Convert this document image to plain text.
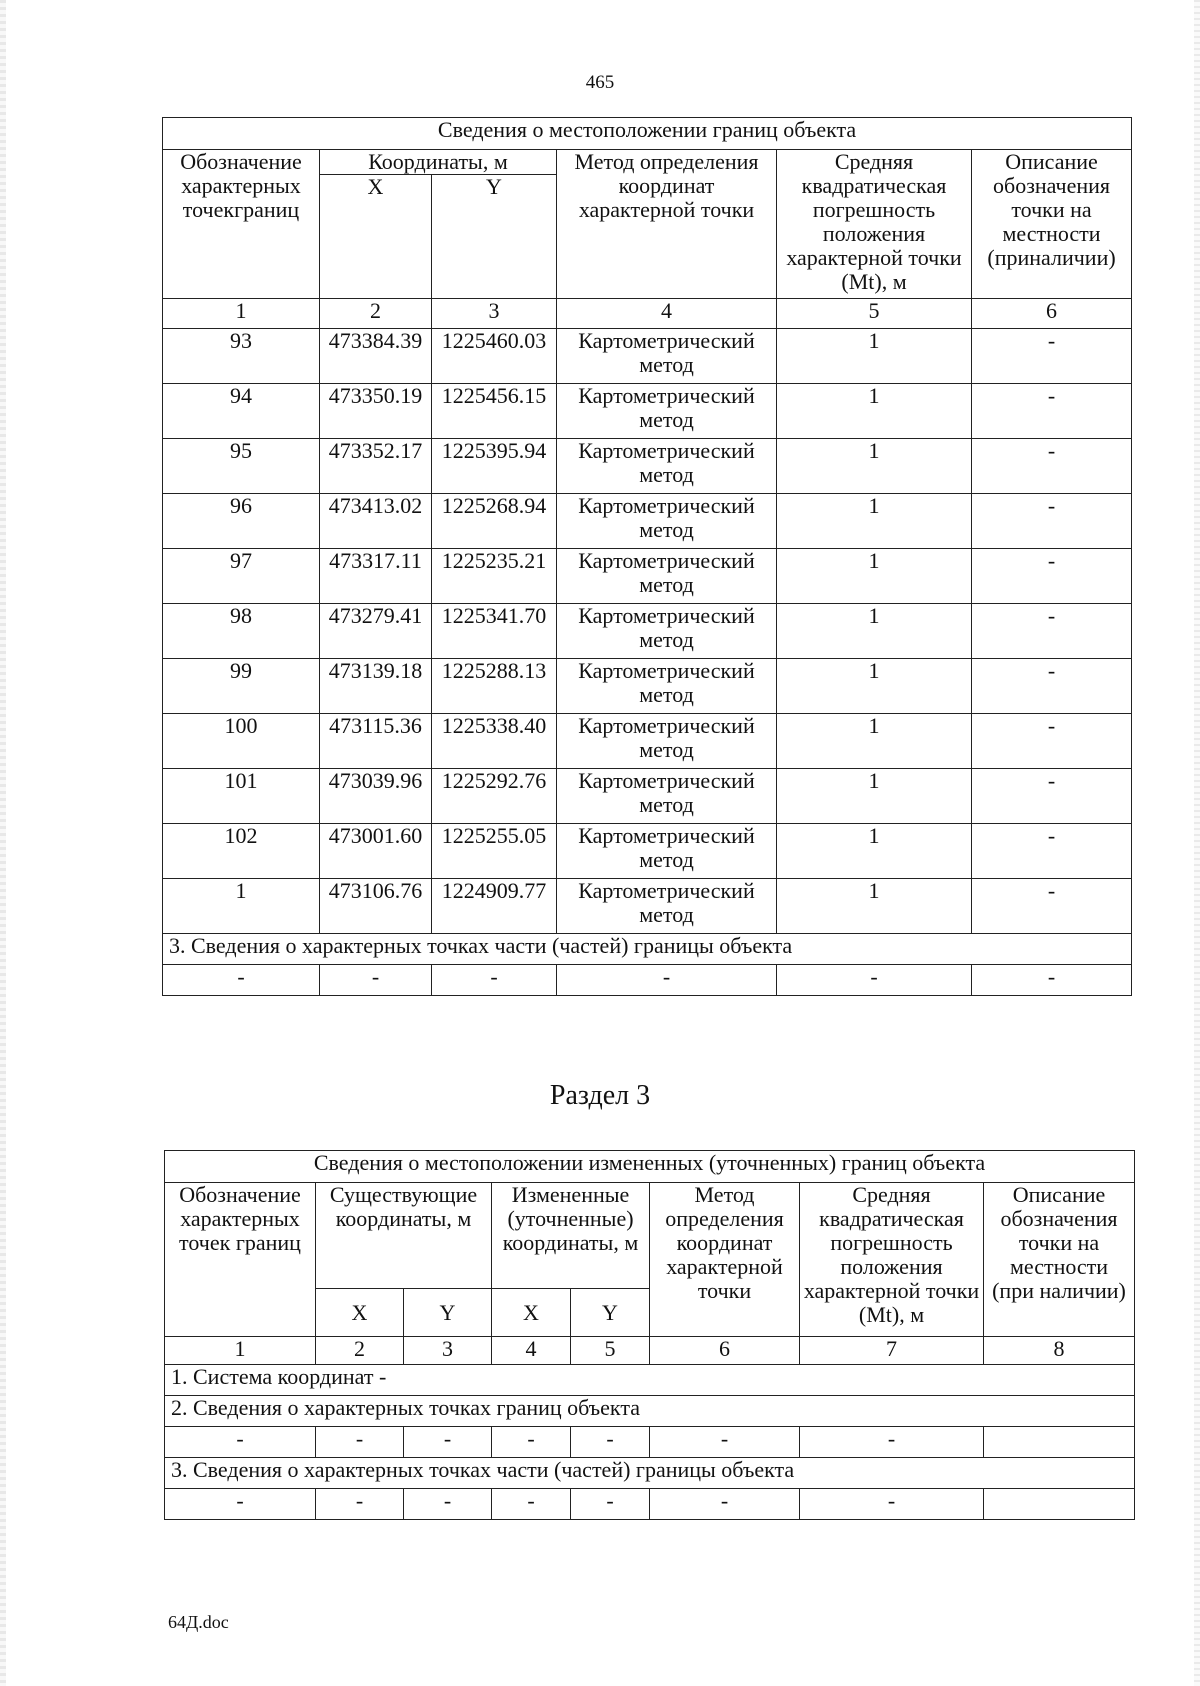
465
Сведения о местоположении границ объекта					
Обозначение характерных точекграниц	Координаты, м		Метод определения координат характерной точки	Средняя квадратическая погрешность положения характерной точки (Mt), м	Описание обозначения точки на местности (приналичии)
	X	Y			
1	2	3	4	5	6
93	473384.39	1225460.03	Картометрический метод	1	-
94	473350.19	1225456.15	Картометрический метод	1	-
95	473352.17	1225395.94	Картометрический метод	1	-
96	473413.02	1225268.94	Картометрический метод	1	-
97	473317.11	1225235.21	Картометрический метод	1	-
98	473279.41	1225341.70	Картометрический метод	1	-
99	473139.18	1225288.13	Картометрический метод	1	-
100	473115.36	1225338.40	Картометрический метод	1	-
101	473039.96	1225292.76	Картометрический метод	1	-
102	473001.60	1225255.05	Картометрический метод	1	-
1	473106.76	1224909.77	Картометрический метод	1	-
3. Сведения о характерных точках части (частей) границы объекта					
-	-	-	-	-	-
Раздел 3
Сведения о местоположении измененных (уточненных) границ объекта							
Обозначение характерных точек границ	Существующие координаты, м		Измененные (уточненные) координаты, м		Метод определения координат характерной точки	Средняя квадратическая погрешность положения характерной точки (Mt), м	Описание обозначения точки на местности (при наличии)
	X	Y	X	Y			
1	2	3	4	5	6	7	8
1. Система координат -							
2. Сведения о характерных точках границ объекта							
-	-	-	-	-	-	-	
3. Сведения о характерных точках части (частей) границы объекта							
-	-	-	-	-	-	-	
64Д.doc
